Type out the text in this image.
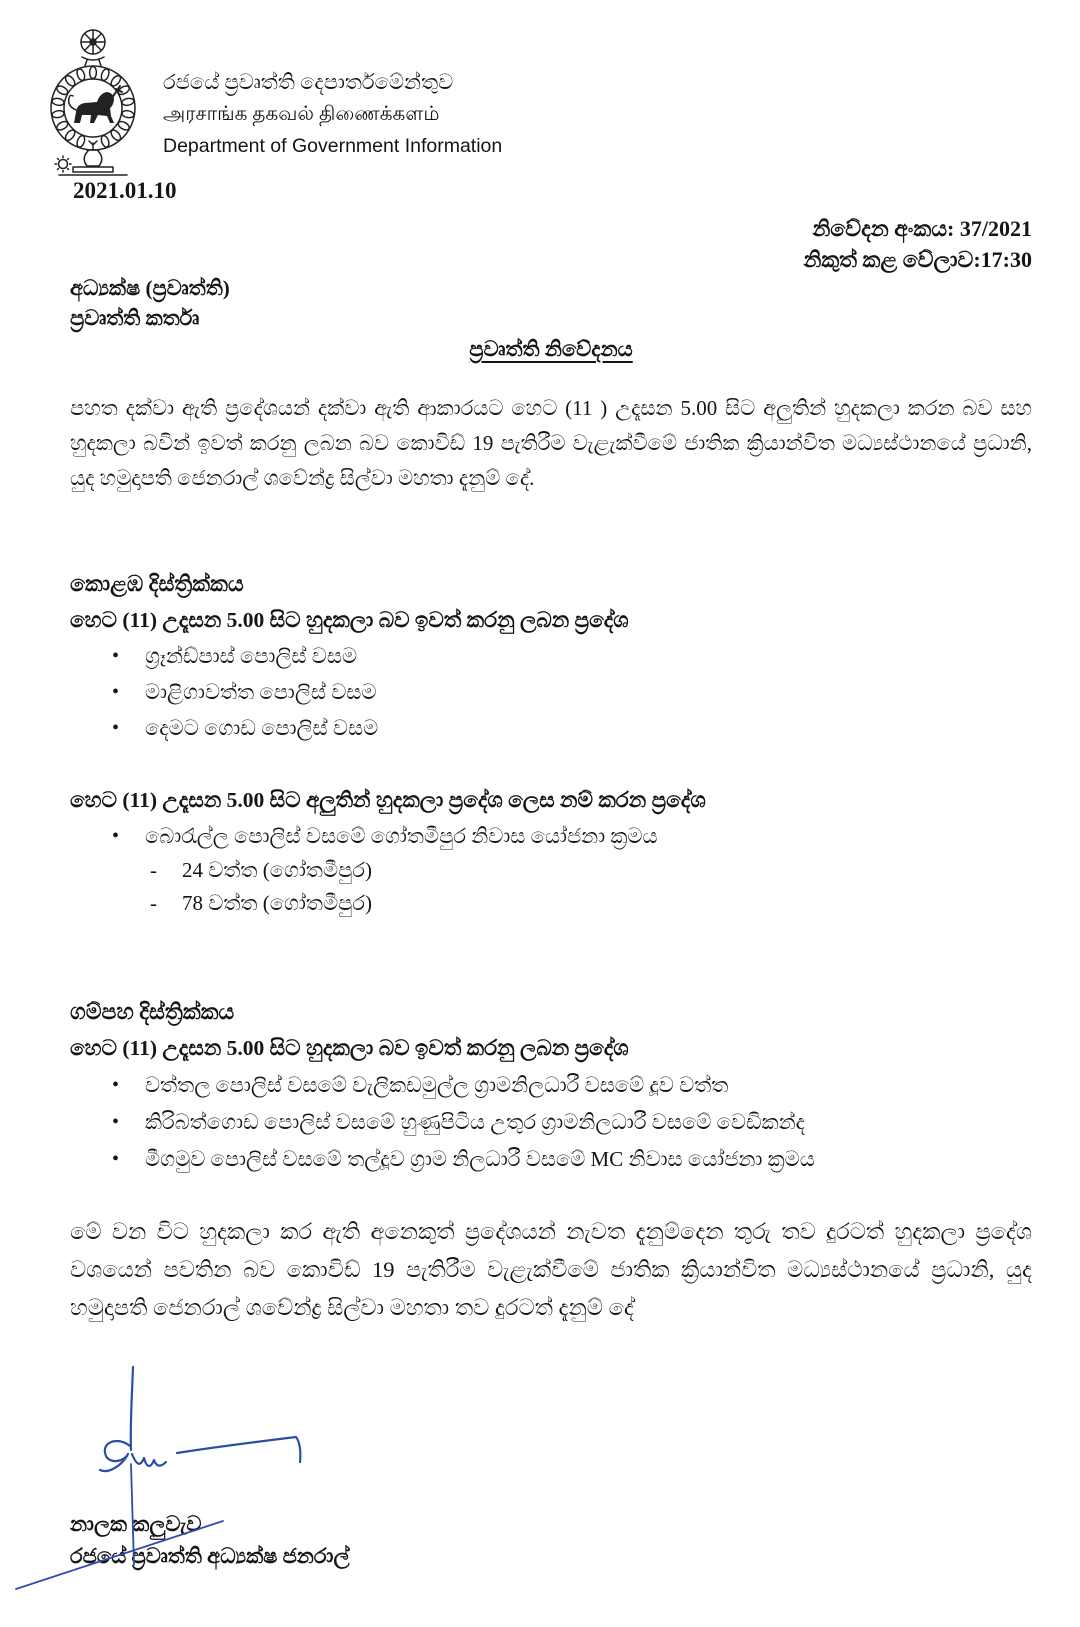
රජයේ ප්‍රවෘත්ති දෙපාර්තමේන්තුව
அரசாங்க தகவல் திணைக்களம்
Department of Government Information
2021.01.10
නිවේදන අංකය: 37/2021
නිකුත් කළ වේලාව:17:30
අධ්‍යක්ෂ (ප්‍රවෘත්ති)
ප්‍රවෘත්ති කර්තෘ
ප්‍රවෘත්ති නිවේදනය

පහත දක්වා ඇති ප්‍රදේශයන් දක්වා ඇති ආකාරයට හෙට (11 ) උදෑසන 5.00 සිට අලුතින් හුදකලා කරන බව සහ හුදකලා බවින් ඉවත් කරනු ලබන බව කොවිඩ් 19 පැතිරීම වැළැක්වීමේ ජාතික ක්‍රියාන්විත මධ්‍යස්ථානයේ ප්‍රධානි, යුද හමුදාපති ජෙනරාල් ශවේන්ද්‍ර සිල්වා මහතා දැනුම් දේ.

කොළඹ දිස්ත්‍රික්කය
හෙට (11) උදෑසන 5.00 සිට හුදකලා බව ඉවත් කරනු ලබන ප්‍රදේශ
• ග්‍රෑන්ඩ්පාස් පොලිස් වසම
• මාළිගාවත්ත පොලිස් වසම
• දෙමට ගොඩ පොලිස් වසම
හෙට (11) උදෑසන 5.00 සිට අලුතින් හුදකලා ප්‍රදේශ ලෙස නම් කරන ප්‍රදේශ
• බොරැල්ල පොලිස් වසමේ ගෝතමීපුර නිවාස යෝජනා ක්‍රමය
- 24 වත්ත (ගෝතමීපුර)
- 78 වත්ත (ගෝතමීපුර)
ගම්පහ දිස්ත්‍රික්කය
හෙට (11) උදෑසන 5.00 සිට හුදකලා බව ඉවත් කරනු ලබන ප්‍රදේශ
• වත්තල පොලිස් වසමේ වැලිකඩමුල්ල ග්‍රාමනිලධාරී වසමේ දූව වත්ත
• කිරිබත්ගොඩ පොලිස් වසමේ හුණුපිටිය උතුර ග්‍රාමනිලධාරී වසමේ වෙඩිකන්ද
• මීගමුව පොලිස් වසමේ තල්දූව ග්‍රාම නිලධාරී වසමේ MC නිවාස යෝජනා ක්‍රමය

මේ වන විට හුදකලා කර ඇති අනෙකුත් ප්‍රදේශයන් නැවත දැනුම්දෙන තුරු තව දුරටත් හුදකලා ප්‍රදේශ වශයෙන් පවතින බව කොවිඩ් 19 පැතිරීම වැළැක්වීමේ ජාතික ක්‍රියාන්විත මධ්‍යස්ථානයේ ප්‍රධානි, යුද හමුදාපති ජෙනරාල් ශවේන්ද්‍ර සිල්වා මහතා තව දුරටත් දැනුම් දේ

නාලක කලුවැව
රජයේ ප්‍රවෘත්ති අධ්‍යක්ෂ ජනරාල්
